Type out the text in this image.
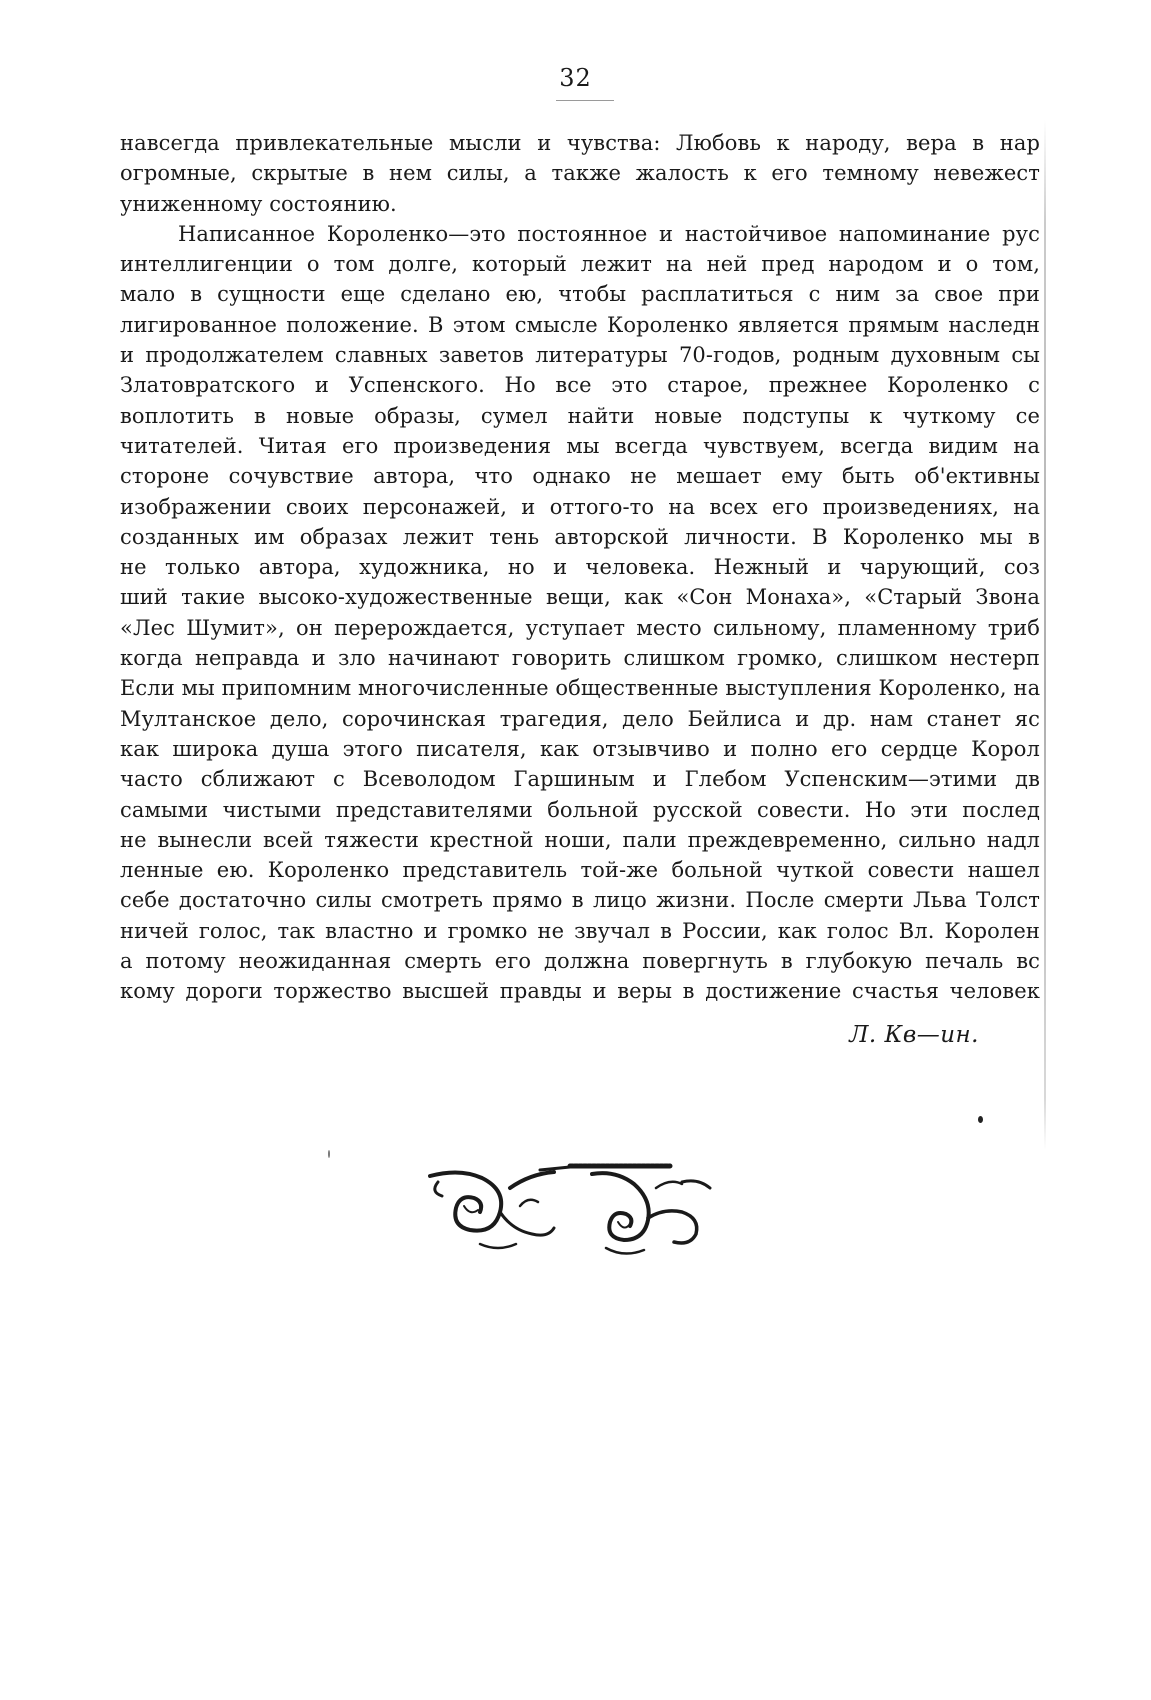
32
навсегда привлекательные мысли и чувства: Любовь к народу, вера в нар
огромные, скрытые в нем силы, а также жалость к его темному невежест
униженному состоянию.
Написанное Короленко—это постоянное и настойчивое напоминание рус
интеллигенции о том долге, который лежит на ней пред народом и о том,
мало в сущности еще сделано ею, чтобы расплатиться с ним за свое при
лигированное положение. В этом смысле Короленко является прямым наследн
и продолжателем славных заветов литературы 70-годов, родным духовным сы
Златовратского и Успенского. Но все это старое, прежнее Короленко с
воплотить в новые образы, сумел найти новые подступы к чуткому се
читателей. Читая его произведения мы всегда чувствуем, всегда видим на
стороне сочувствие автора, что однако не мешает ему быть об'ективны
изображении своих персонажей, и оттого-то на всех его произведениях, на
созданных им образах лежит тень авторской личности. В Короленко мы в
не только автора, художника, но и человека. Нежный и чарующий, соз
ший такие высоко-художественные вещи, как «Сон Монаха», «Старый Звона
«Лес Шумит», он перерождается, уступает место сильному, пламенному триб
когда неправда и зло начинают говорить слишком громко, слишком нестерп
Если мы припомним многочисленные общественные выступления Короленко, на
Мултанское дело, сорочинская трагедия, дело Бейлиса и др. нам станет яс
как широка душа этого писателя, как отзывчиво и полно его сердце Корол
часто сближают с Всеволодом Гаршиным и Глебом Успенским—этими дв
самыми чистыми представителями больной русской совести. Но эти послед
не вынесли всей тяжести крестной ноши, пали преждевременно, сильно надл
ленные ею. Короленко представитель той-же больной чуткой совести нашел
себе достаточно силы смотреть прямо в лицо жизни. После смерти Льва Толст
ничей голос, так властно и громко не звучал в России, как голос Вл. Королен
а потому неожиданная смерть его должна повергнуть в глубокую печаль вс
кому дороги торжество высшей правды и веры в достижение счастья человек
Л. Кв—ин.
